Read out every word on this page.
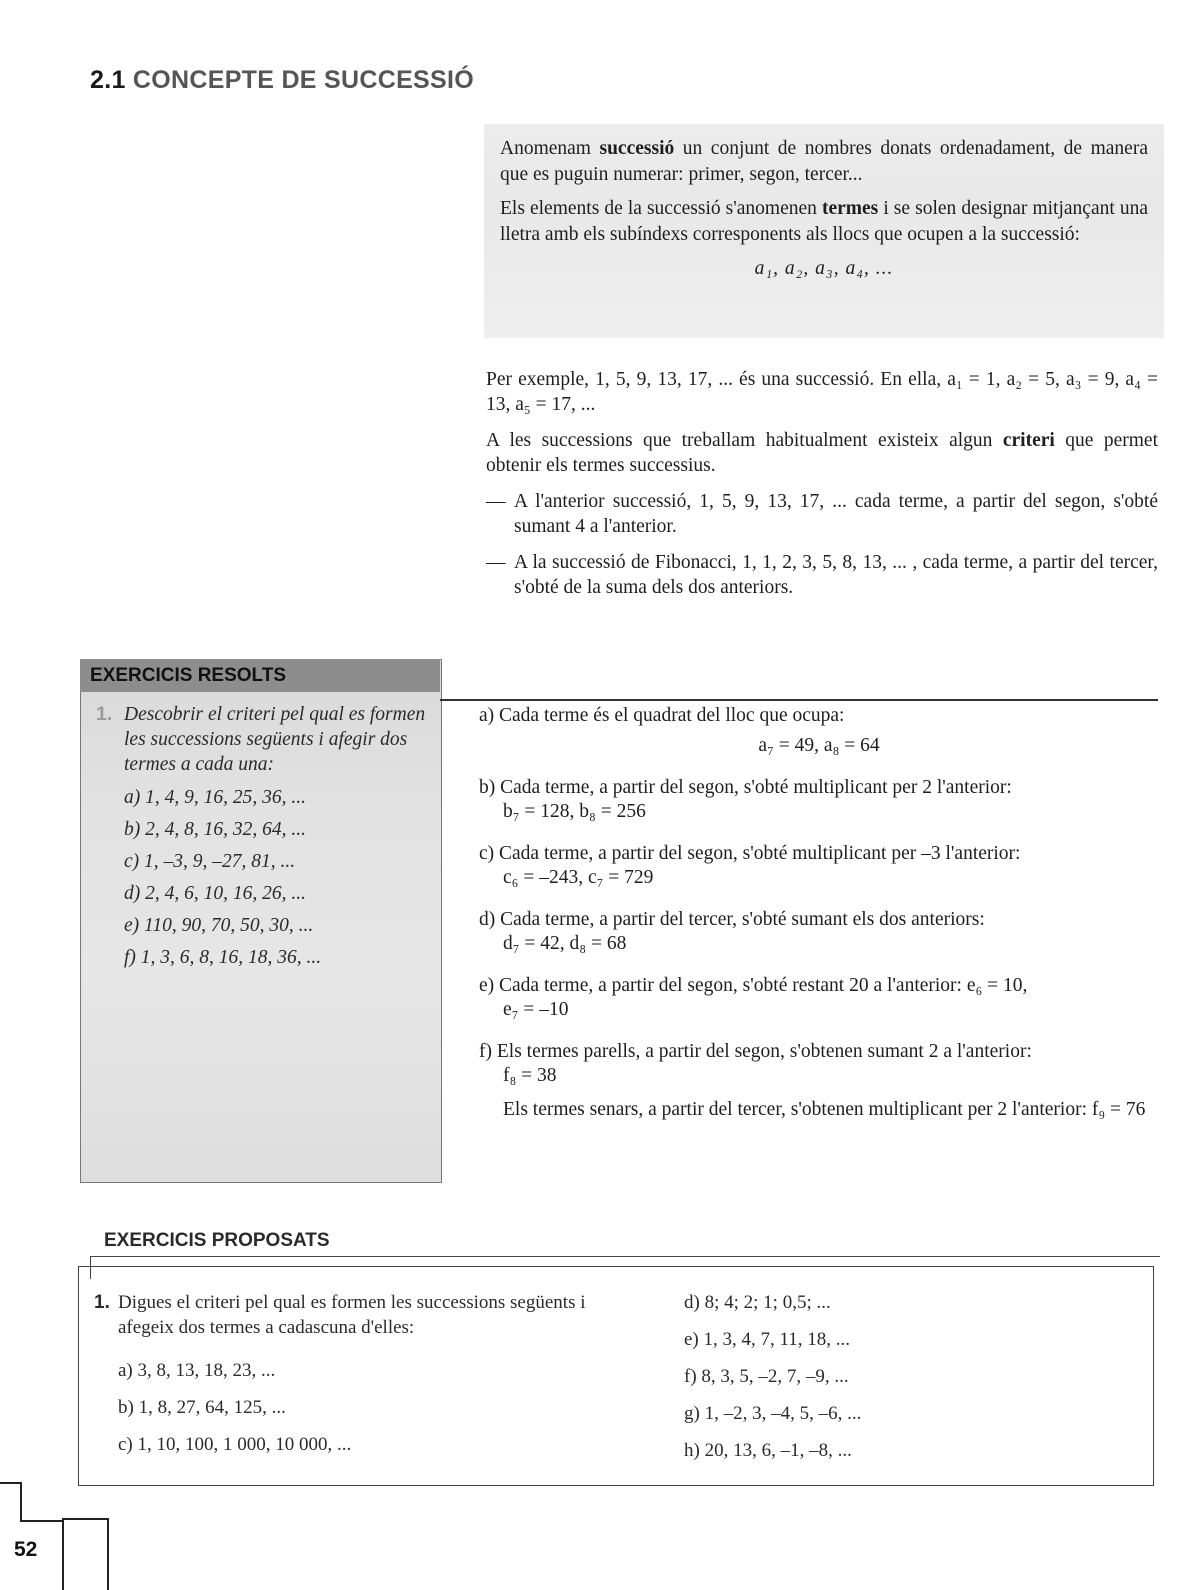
2.1 CONCEPTE DE SUCCESSIÓ

Anomenam successió un conjunt de nombres donats ordenadament, de manera que es puguin numerar: primer, segon, tercer...

Els elements de la successió s'anomenen termes i se solen designar mitjançant una lletra amb els subíndexs corresponents als llocs que ocupen a la successió:

a₁, a₂, a₃, a₄, ...

Per exemple, 1, 5, 9, 13, 17, ... és una successió. En ella, a₁ = 1, a₂ = 5, a₃ = 9, a₄ = 13, a₅ = 17, ...

A les successions que treballam habitualment existeix algun criteri que permet obtenir els termes successius.

— A l'anterior successió, 1, 5, 9, 13, 17, ... cada terme, a partir del segon, s'obté sumant 4 a l'anterior.
— A la successió de Fibonacci, 1, 1, 2, 3, 5, 8, 13, ... , cada terme, a partir del tercer, s'obté de la suma dels dos anteriors.
EXERCICIS RESOLTS
1. Descobrir el criteri pel qual es formen les successions següents i afegir dos termes a cada una:
a) 1, 4, 9, 16, 25, 36, ...
b) 2, 4, 8, 16, 32, 64, ...
c) 1, –3, 9, –27, 81, ...
d) 2, 4, 6, 10, 16, 26, ...
e) 110, 90, 70, 50, 30, ...
f) 1, 3, 6, 8, 16, 18, 36, ...
a) Cada terme és el quadrat del lloc que ocupa:
a₇ = 49, a₈ = 64
b) Cada terme, a partir del segon, s'obté multiplicant per 2 l'anterior:
b₇ = 128, b₈ = 256
c) Cada terme, a partir del segon, s'obté multiplicant per –3 l'anterior:
c₆ = –243, c₇ = 729
d) Cada terme, a partir del tercer, s'obté sumant els dos anteriors:
d₇ = 42, d₈ = 68
e) Cada terme, a partir del segon, s'obté restant 20 a l'anterior: e₆ = 10,
e₇ = –10
f) Els termes parells, a partir del segon, s'obtenen sumant 2 a l'anterior:
f₈ = 38
Els termes senars, a partir del tercer, s'obtenen multiplicant per 2 l'anterior: f₉ = 76
EXERCICIS PROPOSATS
1. Digues el criteri pel qual es formen les successions següents i afegeix dos termes a cadascuna d'elles:
a) 3, 8, 13, 18, 23, ...
b) 1, 8, 27, 64, 125, ...
c) 1, 10, 100, 1 000, 10 000, ...
d) 8; 4; 2; 1; 0,5; ...
e) 1, 3, 4, 7, 11, 18, ...
f) 8, 3, 5, –2, 7, –9, ...
g) 1, –2, 3, –4, 5, –6, ...
h) 20, 13, 6, –1, –8, ...
52
